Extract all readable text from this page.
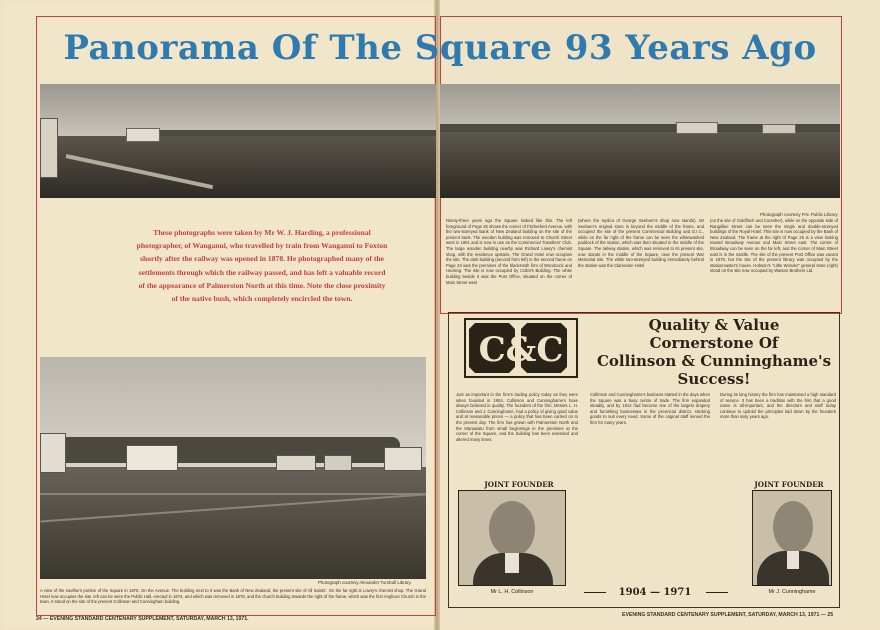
Panorama Of The Square 93 Years Ago
Photograph courtesy P.N. Public Library.
These photographs were taken by Mr W. J. Harding, a professional photographer, of Wanganui, who travelled by train from Wanganui to Foxton shortly after the railway was opened in 1878. He photographed many of the settlements through which the railway passed, and has left a valuable record of the appearance of Palmerston North at this time. Note the close proximity of the native bush, which completely encircled the town.
Ninety-three years ago the Square looked like this. The left foreground of Page 25 shows the corner of Fitzherbert Avenue, with the two-storeyed Bank of New Zealand building on the site of the present bank. The wooden building was removed to Church Street west in 1901 and is now in use as the Commercial Travellers' Club. The large wooden building nearby was Richard Lowry's chemist shop, with the residence upstairs. The Grand Hotel now occupies the site. The dark building (second from left) in the second frame on Page 24 was the premises of the blacksmith firm of Woodcock and Hocking. The site is now occupied by Collet's Building. The white building beside it was the Post Office, situated on the corner of Main Street west
(where the replica of George Seeburn's shop now stands). Mr Seeburn's original store is beyond the middle of the frame, and occupied the site of the present Commercial Building and D.I.C., while on the far right of the frame can be seen the whitewashed paddock of the station, which was then situated in the middle of the Square. The railway station, which was removed to its present site, now stands in the middle of the Square, near the present War Memorial site. The white two-storeyed building immediately behind the station was the Clarendon Hotel
(on the site of Goldfinch and Coomber), while on the opposite side of Rangitikei Street can be seen the single and double-storeyed buildings of the Royal Hotel. This site is now occupied by the Bank of New Zealand. The frame at the right of Page 25 is a view looking toward Broadway Avenue and Main Street east. The corner of Broadway can be seen on the far left, and the corner of Main Street east is in the middle. The site of the present Post Office was vacant in 1878, but the site of the present library was occupied by the stationmaster's house. Hobson's "Little Wonder" general store (right) stood on the site now occupied by Watson Brothers Ltd.
Photograph courtesy Alexander Turnbull Library.
A view of the southern portion of the Square in 1878. On the Avenue. The building next to it was the Bank of New Zealand, the present site of All Saints'. On the far right is Lowry's chemist shop. The Grand Hotel now occupies the site. left can be seen the Public Hall, erected in 1874, and which was removed in 1878, and the church building towards the right of the frame, which was the first Anglican Church in the town. It stood on the site of the present Collinson and Cunningham building.
C&C
Quality & Value
Cornerstone Of
Collinson & Cunninghame's
Success!
Just as important in the firm's trading policy today as they were when founded in 1904, Collinson and Cunninghame's have always believed in quality. The founders of the firm, Messrs L. H. Collinson and J. Cunninghame, had a policy of giving good value and at reasonable prices — a policy that has been carried on to the present day. The firm has grown with Palmerston North and the Manawatu from small beginnings in the premises at the corner of the Square, and the building has been extended and altered many times.
Collinson and Cunninghame's business started in the days when the Square was a busy centre of trade. The firm expanded steadily, and by 1914 had become one of the largest drapery and furnishing businesses in the provincial district, stocking goods to suit every need. Some of the original staff served the firm for many years.
During its long history the firm has maintained a high standard of service. It has been a tradition with the firm that a good name is all-important, and the directors and staff today continue to uphold the principles laid down by the founders more than sixty years ago.
JOINT FOUNDER
Mr L. H. Collinson
JOINT FOUNDER
Mr J. Cunninghame
1904 — 1971
24 — EVENING STANDARD CENTENARY SUPPLEMENT, SATURDAY, MARCH 13, 1971.
EVENING STANDARD CENTENARY SUPPLEMENT, SATURDAY, MARCH 13, 1971 — 25
